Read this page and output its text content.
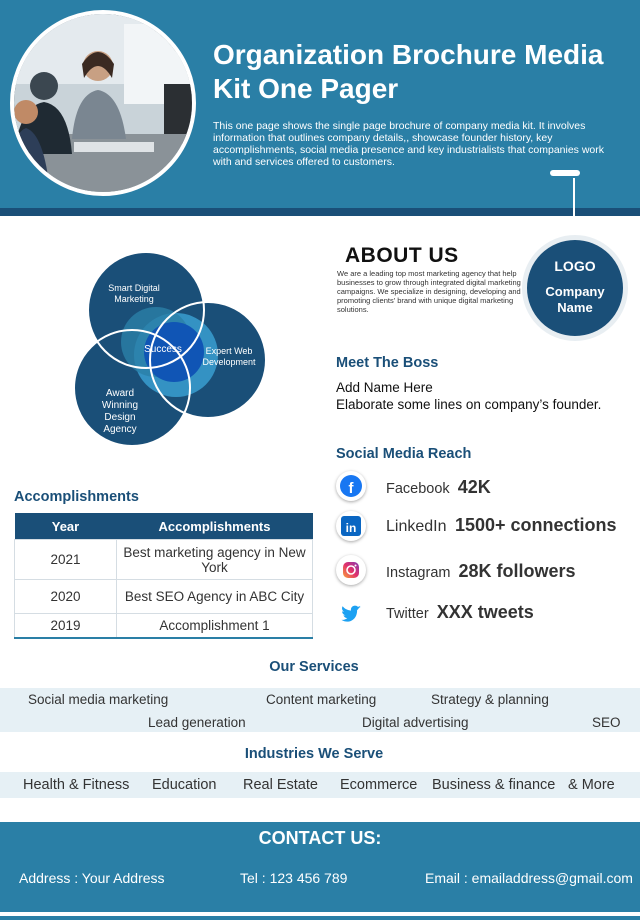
Organization Brochure Media Kit One Pager
This one page shows the single page brochure of company media kit. It involves information that outlines company details,, showcase founder history, key accomplishments, social media presence and key industrialists that companies work with and services offered to customers.
LOGO
Company Name
Smart Digital Marketing
Expert Web Development
Award Winning Design Agency
Success
ABOUT US
We are a leading top most marketing agency that help businesses to grow through integrated digital marketing campaigns. We specialize in designing, developing and promoting clients' brand with unique digital marketing solutions.
Meet The Boss
Add Name Here
Elaborate some lines on company’s founder.
Social Media Reach
f Facebook 42K
in LinkedIn 1500+ connections
Instagram 28K followers
Twitter XXX tweets
Accomplishments
Year	Accomplishments
2021	Best marketing agency in New York
2020	Best SEO Agency in ABC City
2019	Accomplishment 1
Our Services
Social media marketing	Content marketing	Strategy & planning
Lead generation	Digital advertising	SEO
Industries We Serve
Health & Fitness Education Real Estate Ecommerce Business & finance & More
CONTACT US:
Address : Your Address	Tel : 123 456 789	Email : emailaddress@gmail.com
